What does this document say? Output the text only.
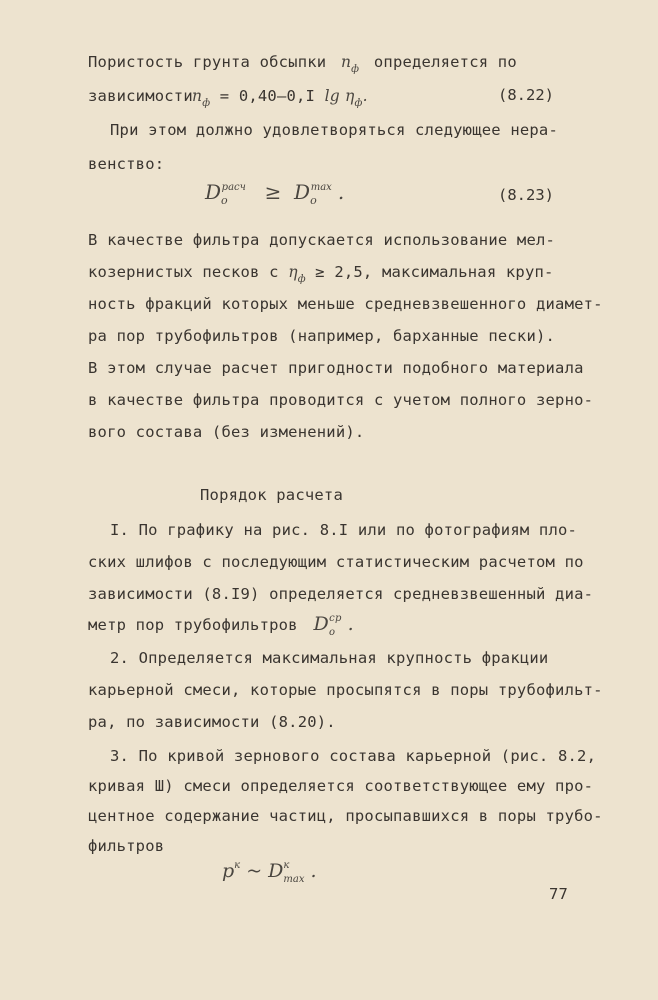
Пористость грунта обсыпки  $n_ф$ определяется по
зависимости $n_ф = 0,40-0,I$ $\lg \eta_ф$.	(8.22)
При этом должно удовлетворяться следующее нера-
венство:
$D_o^{расч} \ge D_o^{max}$ .	(8.23)
В качестве фильтра допускается использование мел-
козернистых песков с $\eta_ф \ge 2,5$, максимальная круп-
ность фракций которых меньше средневзвешенного диамет-
ра пор трубофильтров (например, барханные пески).
В этом случае расчет пригодности подобного материала
в качестве фильтра проводится с учетом полного зерно-
вого состава (без изменений).
Порядок расчета
I. По графику на рис. 8.I или по фотографиям пло-
ских шлифов с последующим статистическим расчетом по
зависимости (8.I9) определяется средневзвешенный диа-
метр пор трубофильтров  $D_o^{ср}$ .
2. Определяется максимальная крупность фракции
карьерной смеси, которые просыпятся в поры трубофильт-
ра, по зависимости (8.20).
3. По кривой зернового состава карьерной (рис. 8.2,
кривая Ш) смеси определяется соответствующее ему про-
центное содержание частиц, просыпавшихся в поры трубо-
фильтров
$p^к$ ~ $D^к_{max}$ .
77
